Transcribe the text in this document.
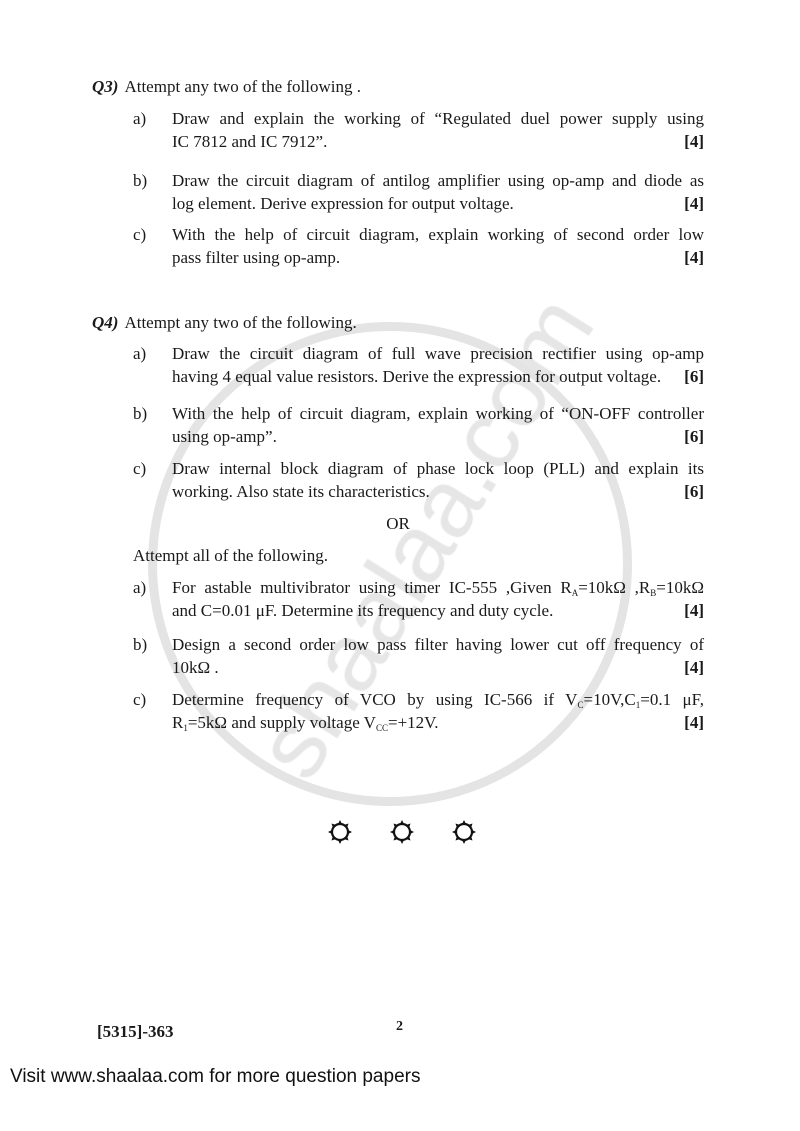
Q3) Attempt any two of the following .
a)	Draw and explain the working of “Regulated duel power supply using
IC 7812 and IC 7912”.	[4]
b)	Draw the circuit diagram of antilog amplifier using op-amp and diode as
log element. Derive expression for output voltage.	[4]
c)	With the help of circuit diagram, explain working of second order low
pass filter using op-amp.	[4]
Q4) Attempt any two of the following.
a)	Draw the circuit diagram of full wave precision rectifier using op-amp
having 4 equal value resistors. Derive the expression for output voltage. [6]
b)	With the help of circuit diagram, explain working of “ON-OFF controller
using op-amp”.	[6]
c)	Draw internal block diagram of phase lock loop (PLL) and explain its
working. Also state its characteristics.	[6]
OR
Attempt all of the following.
a)	For astable multivibrator using timer IC-555 ,Given $R_A=10k\Omega$ $,R_B=10k\Omega$
and C=0.01 μF. Determine its frequency and duty cycle.	[4]
b)	Design a second order low pass filter having lower cut off frequency of
10kΩ .	[4]
c)	Determine frequency of VCO by using IC-566 if $V_C=10V,C_1=0.1$ μF,
$R_1=5k\Omega$ and supply voltage $V_{CC}=+12V$.	[4]
[5315]-363	2
Visit www.shaalaa.com for more question papers
